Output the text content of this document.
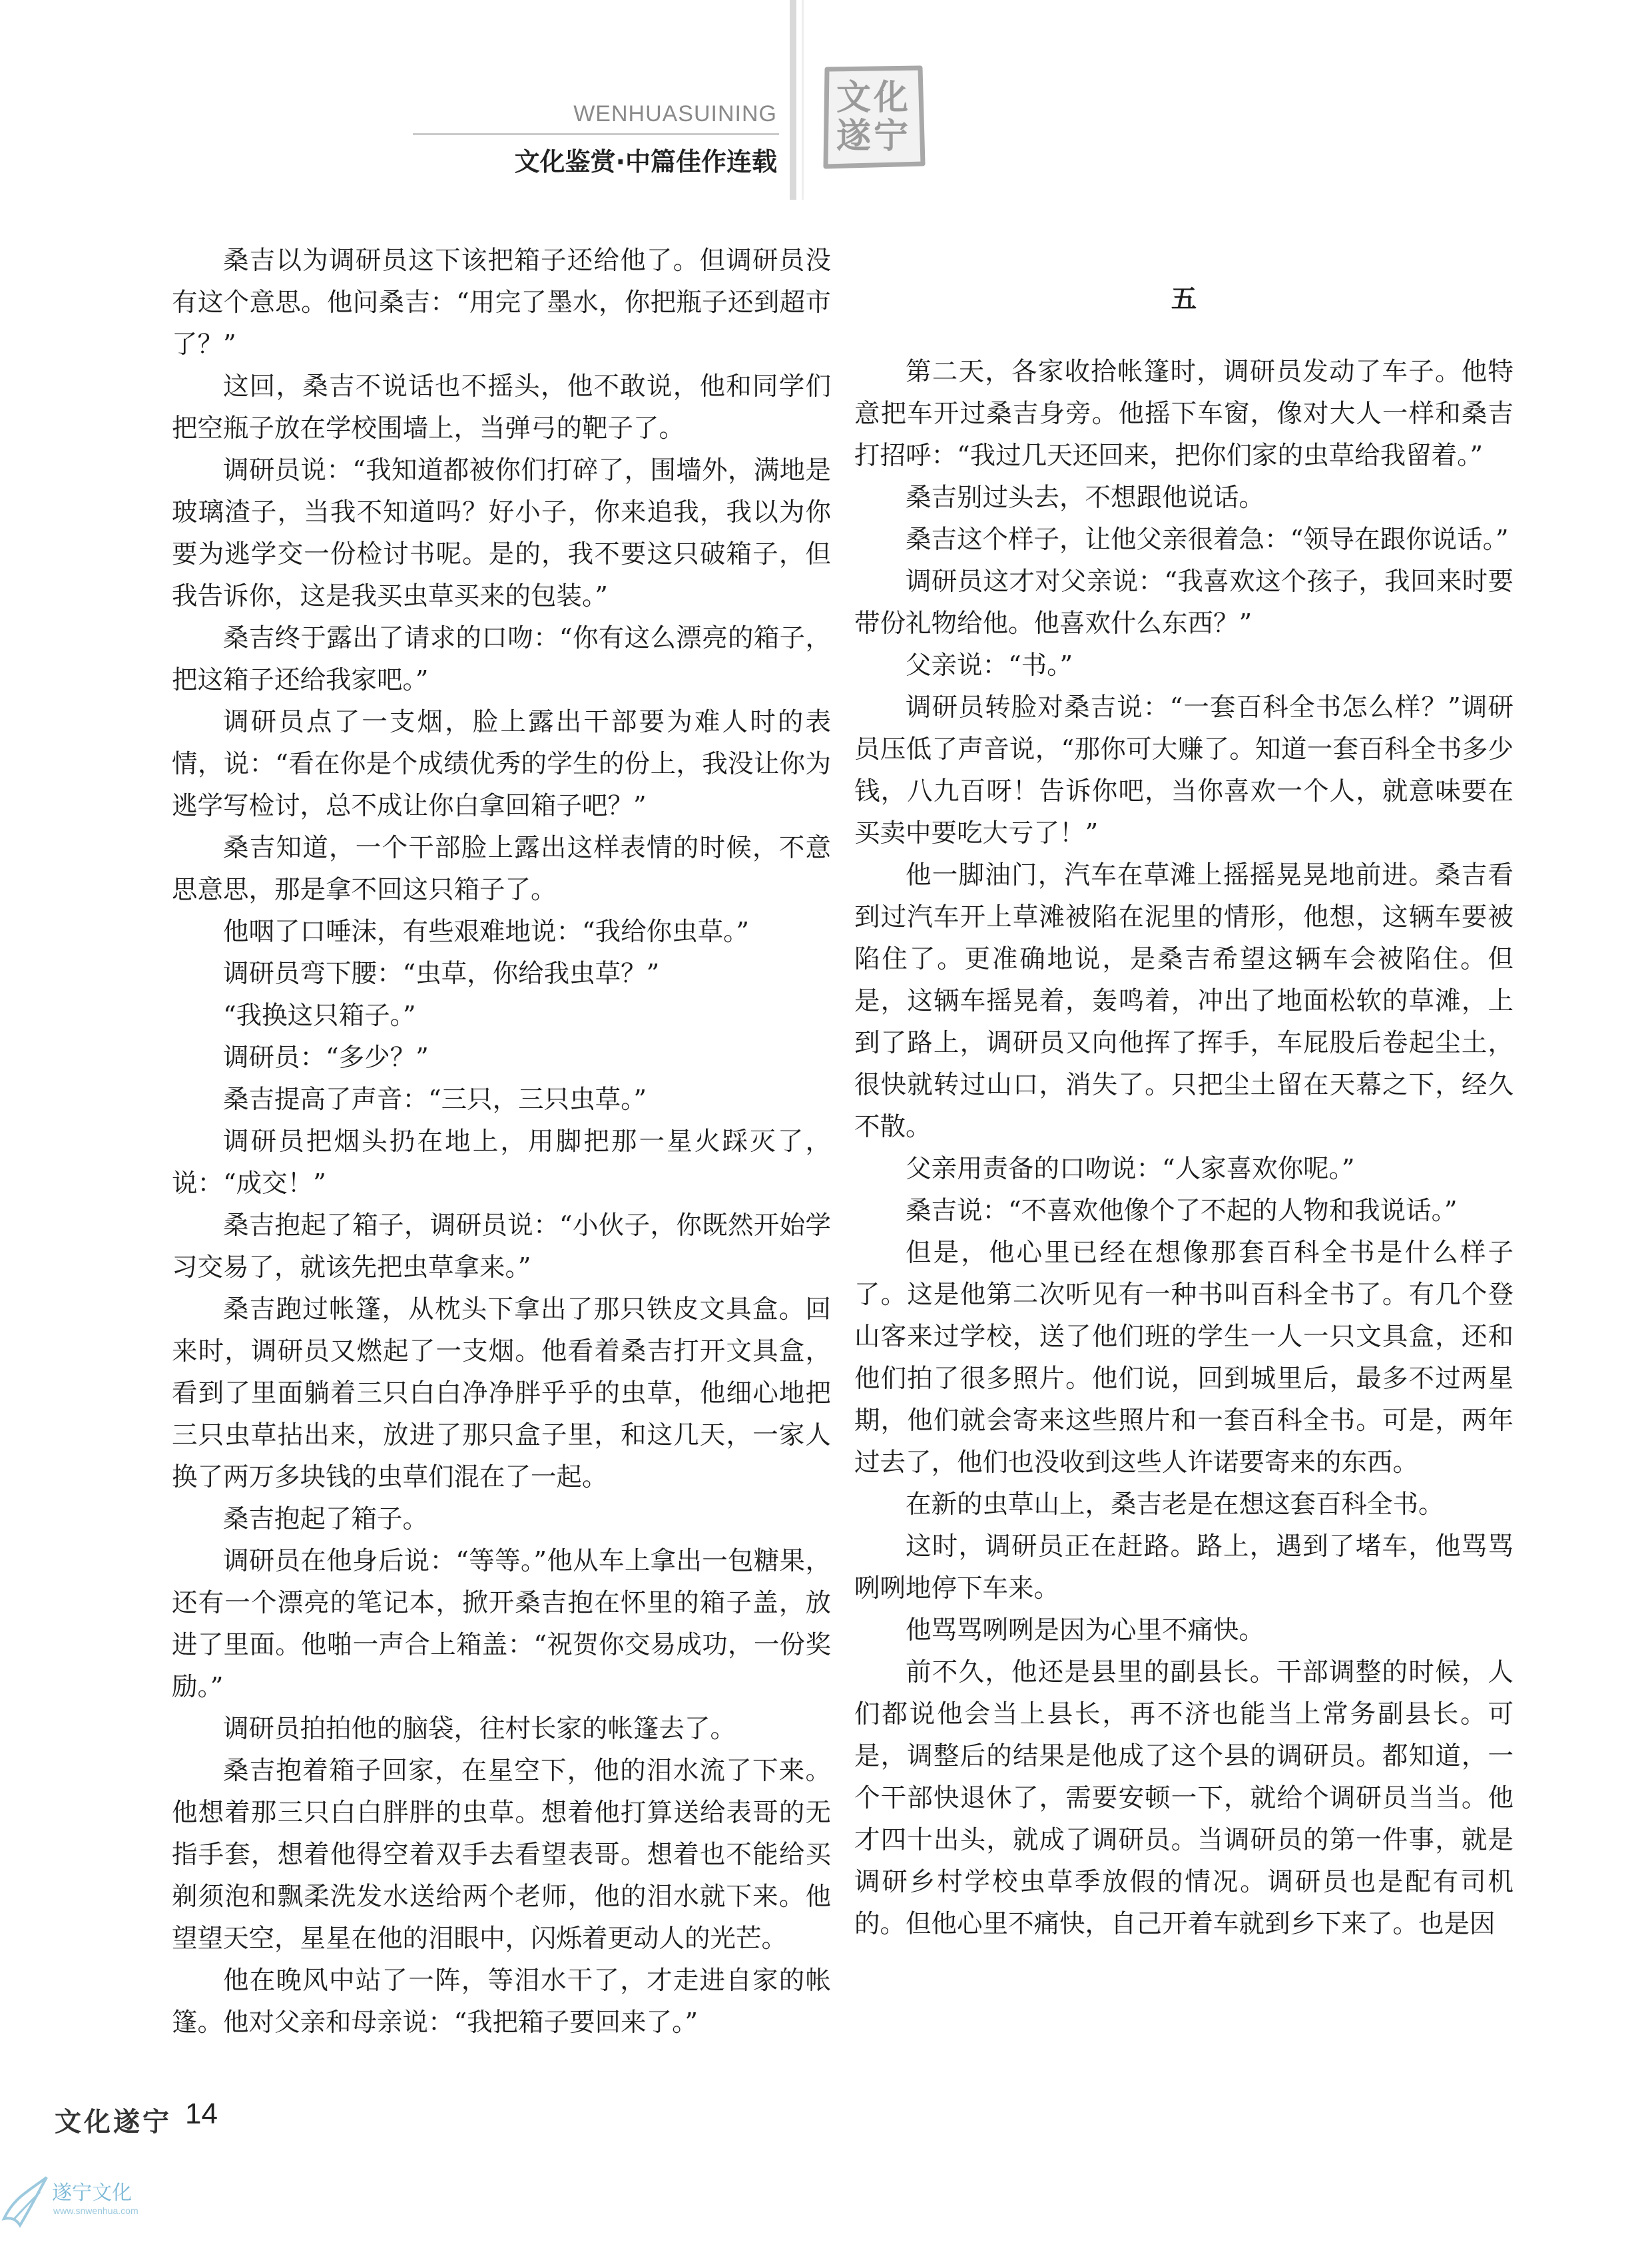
WENHUASUINING
文化鉴赏·中篇佳作连载
文化遂宁

桑吉以为调研员这下该把箱子还给他了。但调研员没有这个意思。他问桑吉：“用完了墨水，你把瓶子还到超市了？”

这回，桑吉不说话也不摇头，他不敢说，他和同学们把空瓶子放在学校围墙上，当弹弓的靶子了。

调研员说：“我知道都被你们打碎了，围墙外，满地是玻璃渣子，当我不知道吗？好小子，你来追我，我以为你要为逃学交一份检讨书呢。是的，我不要这只破箱子，但我告诉你，这是我买虫草买来的包装。”

桑吉终于露出了请求的口吻：“你有这么漂亮的箱子，把这箱子还给我家吧。”

调研员点了一支烟，脸上露出干部要为难人时的表情，说：“看在你是个成绩优秀的学生的份上，我没让你为逃学写检讨，总不成让你白拿回箱子吧？”

桑吉知道，一个干部脸上露出这样表情的时候，不意思意思，那是拿不回这只箱子了。

他咽了口唾沫，有些艰难地说：“我给你虫草。”

调研员弯下腰：“虫草，你给我虫草？”

“我换这只箱子。”

调研员：“多少？”

桑吉提高了声音：“三只，三只虫草。”

调研员把烟头扔在地上，用脚把那一星火踩灭了，说：“成交！”

桑吉抱起了箱子，调研员说：“小伙子，你既然开始学习交易了，就该先把虫草拿来。”

桑吉跑过帐篷，从枕头下拿出了那只铁皮文具盒。回来时，调研员又燃起了一支烟。他看着桑吉打开文具盒，看到了里面躺着三只白白净净胖乎乎的虫草，他细心地把三只虫草拈出来，放进了那只盒子里，和这几天，一家人换了两万多块钱的虫草们混在了一起。

桑吉抱起了箱子。

调研员在他身后说：“等等。”他从车上拿出一包糖果，还有一个漂亮的笔记本，掀开桑吉抱在怀里的箱子盖，放进了里面。他啪一声合上箱盖：“祝贺你交易成功，一份奖励。”

调研员拍拍他的脑袋，往村长家的帐篷去了。

桑吉抱着箱子回家，在星空下，他的泪水流了下来。他想着那三只白白胖胖的虫草。想着他打算送给表哥的无指手套，想着他得空着双手去看望表哥。想着也不能给买剃须泡和飘柔洗发水送给两个老师，他的泪水就下来。他望望天空，星星在他的泪眼中，闪烁着更动人的光芒。

他在晚风中站了一阵，等泪水干了，才走进自家的帐篷。他对父亲和母亲说：“我把箱子要回来了。”

五

第二天，各家收拾帐篷时，调研员发动了车子。他特意把车开过桑吉身旁。他摇下车窗，像对大人一样和桑吉打招呼：“我过几天还回来，把你们家的虫草给我留着。”

桑吉别过头去，不想跟他说话。

桑吉这个样子，让他父亲很着急：“领导在跟你说话。”

调研员这才对父亲说：“我喜欢这个孩子，我回来时要带份礼物给他。他喜欢什么东西？”

父亲说：“书。”

调研员转脸对桑吉说：“一套百科全书怎么样？”调研员压低了声音说，“那你可大赚了。知道一套百科全书多少钱，八九百呀！告诉你吧，当你喜欢一个人，就意味要在买卖中要吃大亏了！”

他一脚油门，汽车在草滩上摇摇晃晃地前进。桑吉看到过汽车开上草滩被陷在泥里的情形，他想，这辆车要被陷住了。更准确地说，是桑吉希望这辆车会被陷住。但是，这辆车摇晃着，轰鸣着，冲出了地面松软的草滩，上到了路上，调研员又向他挥了挥手，车屁股后卷起尘土，很快就转过山口，消失了。只把尘土留在天幕之下，经久不散。

父亲用责备的口吻说：“人家喜欢你呢。”

桑吉说：“不喜欢他像个了不起的人物和我说话。”

但是，他心里已经在想像那套百科全书是什么样子了。这是他第二次听见有一种书叫百科全书了。有几个登山客来过学校，送了他们班的学生一人一只文具盒，还和他们拍了很多照片。他们说，回到城里后，最多不过两星期，他们就会寄来这些照片和一套百科全书。可是，两年过去了，他们也没收到这些人许诺要寄来的东西。

在新的虫草山上，桑吉老是在想这套百科全书。

这时，调研员正在赶路。路上，遇到了堵车，他骂骂咧咧地停下车来。

他骂骂咧咧是因为心里不痛快。

前不久，他还是县里的副县长。干部调整的时候，人们都说他会当上县长，再不济也能当上常务副县长。可是，调整后的结果是他成了这个县的调研员。都知道，一个干部快退休了，需要安顿一下，就给个调研员当当。他才四十出头，就成了调研员。当调研员的第一件事，就是调研乡村学校虫草季放假的情况。调研员也是配有司机的。但他心里不痛快，自己开着车就到乡下来了。也是因

文化遂宁 14
遂宁文化
www.snwenhua.com
